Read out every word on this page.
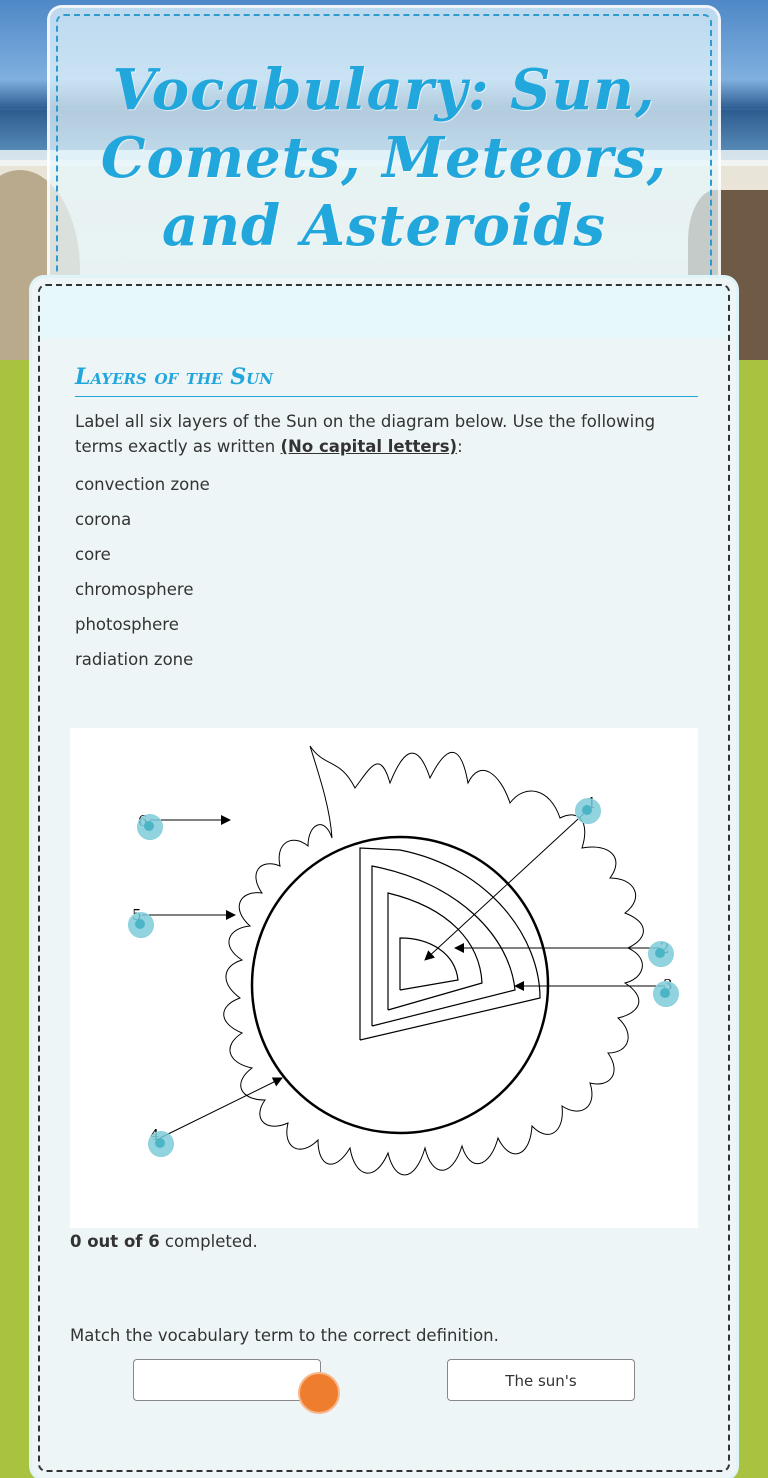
Vocabulary: Sun, Comets, Meteors, and Asteroids
Layers of the Sun

Label all six layers of the Sun on the diagram below. Use the following terms exactly as written (No capital letters):

convection zone
corona
core
chromosphere
photosphere
radiation zone
0 out of 6 completed.
Match the vocabulary term to the correct definition.
The sun's
